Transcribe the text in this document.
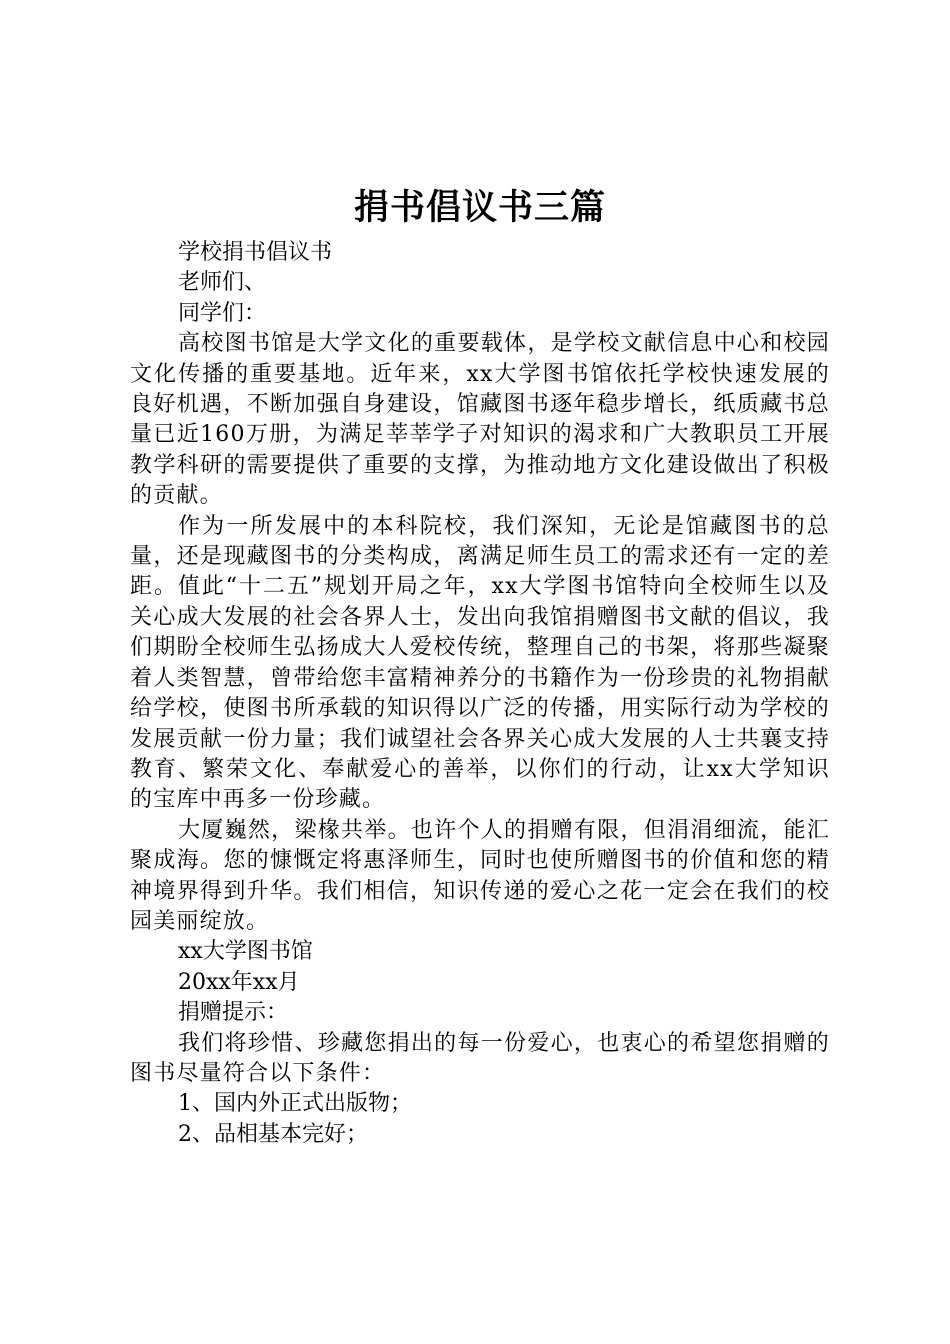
捐书倡议书三篇

学校捐书倡议书

老师们、

同学们：

高校图书馆是大学文化的重要载体，是学校文献信息中心和校园文化传播的重要基地。近年来，xx大学图书馆依托学校快速发展的良好机遇，不断加强自身建设，馆藏图书逐年稳步增长，纸质藏书总量已近160万册，为满足莘莘学子对知识的渴求和广大教职员工开展教学科研的需要提供了重要的支撑，为推动地方文化建设做出了积极的贡献。

作为一所发展中的本科院校，我们深知，无论是馆藏图书的总量，还是现藏图书的分类构成，离满足师生员工的需求还有一定的差距。值此“十二五”规划开局之年，xx大学图书馆特向全校师生以及关心成大发展的社会各界人士，发出向我馆捐赠图书文献的倡议，我们期盼全校师生弘扬成大人爱校传统，整理自己的书架，将那些凝聚着人类智慧，曾带给您丰富精神养分的书籍作为一份珍贵的礼物捐献给学校，使图书所承载的知识得以广泛的传播，用实际行动为学校的发展贡献一份力量；我们诚望社会各界关心成大发展的人士共襄支持教育、繁荣文化、奉献爱心的善举，以你们的行动，让xx大学知识的宝库中再多一份珍藏。

大厦巍然，梁椽共举。也许个人的捐赠有限，但涓涓细流，能汇聚成海。您的慷慨定将惠泽师生，同时也使所赠图书的价值和您的精神境界得到升华。我们相信，知识传递的爱心之花一定会在我们的校园美丽绽放。

xx大学图书馆

20xx年xx月

捐赠提示：

我们将珍惜、珍藏您捐出的每一份爱心，也衷心的希望您捐赠的图书尽量符合以下条件：

1、国内外正式出版物；

2、品相基本完好；
